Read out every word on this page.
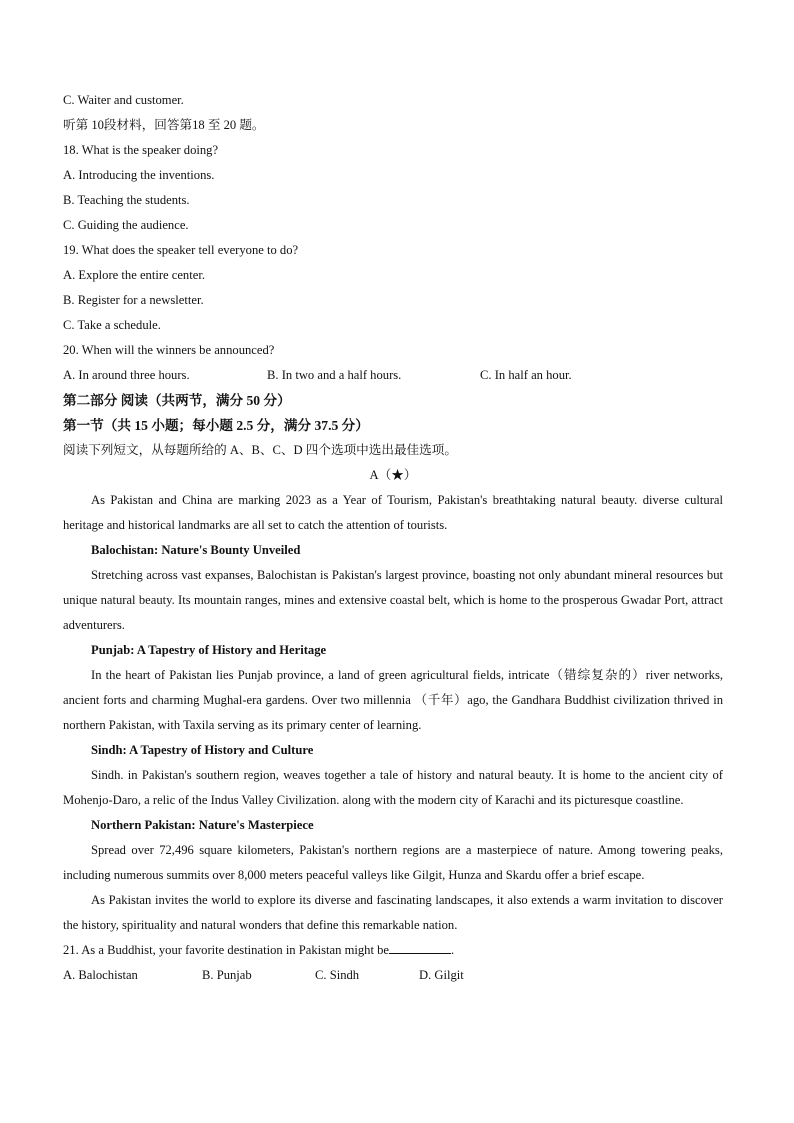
C. Waiter and customer.
听第 10段材料，回答第18 至 20 题。
18. What is the speaker doing?
A. Introducing the inventions.
B. Teaching the students.
C. Guiding the audience.
19. What does the speaker tell everyone to do?
A. Explore the entire center.
B. Register for a newsletter.
C. Take a schedule.
20. When will the winners be announced?
A. In around three hours.	B. In two and a half hours.	C. In half an hour.
第二部分 阅读（共两节，满分 50 分）
第一节（共 15 小题；每小题 2.5 分，满分 37.5 分）
阅读下列短文，从每题所给的 A、B、C、D 四个选项中选出最佳选项。
A（★）
As Pakistan and China are marking 2023 as a Year of Tourism, Pakistan's breathtaking natural beauty. diverse cultural heritage and historical landmarks are all set to catch the attention of tourists.
Balochistan: Nature's Bounty Unveiled
Stretching across vast expanses, Balochistan is Pakistan's largest province, boasting not only abundant mineral resources but unique natural beauty. Its mountain ranges, mines and extensive coastal belt, which is home to the prosperous Gwadar Port, attract adventurers.
Punjab: A Tapestry of History and Heritage
In the heart of Pakistan lies Punjab province, a land of green agricultural fields, intricate（错综复杂的）river networks, ancient forts and charming Mughal-era gardens. Over two millennia （千年）ago, the Gandhara Buddhist civilization thrived in northern Pakistan, with Taxila serving as its primary center of learning.
Sindh: A Tapestry of History and Culture
Sindh. in Pakistan's southern region, weaves together a tale of history and natural beauty. It is home to the ancient city of Mohenjo-Daro, a relic of the Indus Valley Civilization. along with the modern city of Karachi and its picturesque coastline.
Northern Pakistan: Nature's Masterpiece
Spread over 72,496 square kilometers, Pakistan's northern regions are a masterpiece of nature. Among towering peaks, including numerous summits over 8,000 meters peaceful valleys like Gilgit, Hunza and Skardu offer a brief escape.
As Pakistan invites the world to explore its diverse and fascinating landscapes, it also extends a warm invitation to discover the history, spirituality and natural wonders that define this remarkable nation.
21. As a Buddhist, your favorite destination in Pakistan might be	.
A. Balochistan	B. Punjab	C. Sindh	D. Gilgit
